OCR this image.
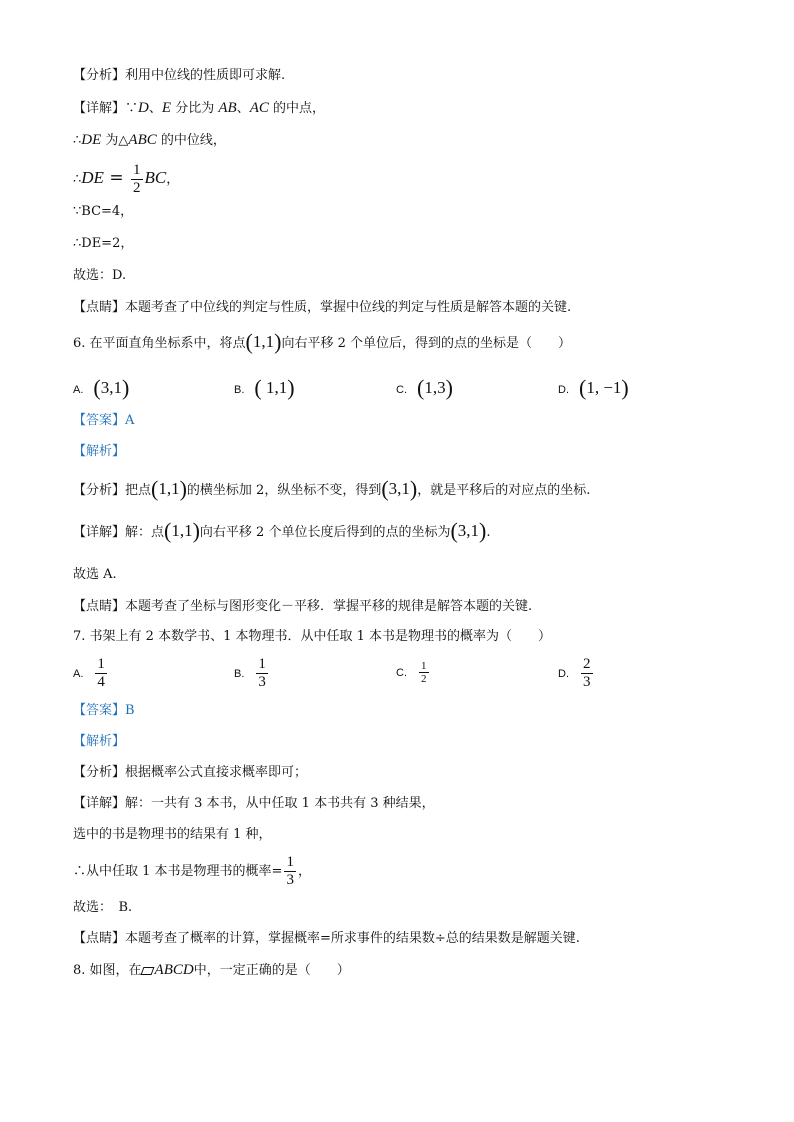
【分析】利用中位线的性质即可求解.
【详解】∵D、E 分比为 AB、AC 的中点，
∴DE 为△ABC 的中位线，
∴DE = $\frac{1}{2}$ BC，
∵BC=4，
∴DE=2，
故选：D.
【点睛】本题考查了中位线的判定与性质，掌握中位线的判定与性质是解答本题的关键.
6. 在平面直角坐标系中，将点(1,1)向右平移 2 个单位后，得到的点的坐标是（　　）
A. (3,1)	B. ( 1,1)	C. (1,3)	D. (1, −1)
【答案】A
【解析】
【分析】把点(1,1)的横坐标加 2，纵坐标不变，得到(3,1)，就是平移后的对应点的坐标.
【详解】解：点(1,1)向右平移 2 个单位长度后得到的点的坐标为(3,1).
故选 A.
【点睛】本题考查了坐标与图形变化－平移．掌握平移的规律是解答本题的关键.
7. 书架上有 2 本数学书、1 本物理书．从中任取 1 本书是物理书的概率为（　　）
A. $\frac{1}{4}$	B. $\frac{1}{3}$	C. $\frac{1}{2}$	D. $\frac{2}{3}$
【答案】B
【解析】
【分析】根据概率公式直接求概率即可；
【详解】解：一共有 3 本书，从中任取 1 本书共有 3 种结果，
选中的书是物理书的结果有 1 种，
∴从中任取 1 本书是物理书的概率= $\frac{1}{3}$ ，
故选：　B.
【点睛】本题考查了概率的计算，掌握概率=所求事件的结果数÷总的结果数是解题关键.
8. 如图，在 ABCD中，一定正确的是（　　）
